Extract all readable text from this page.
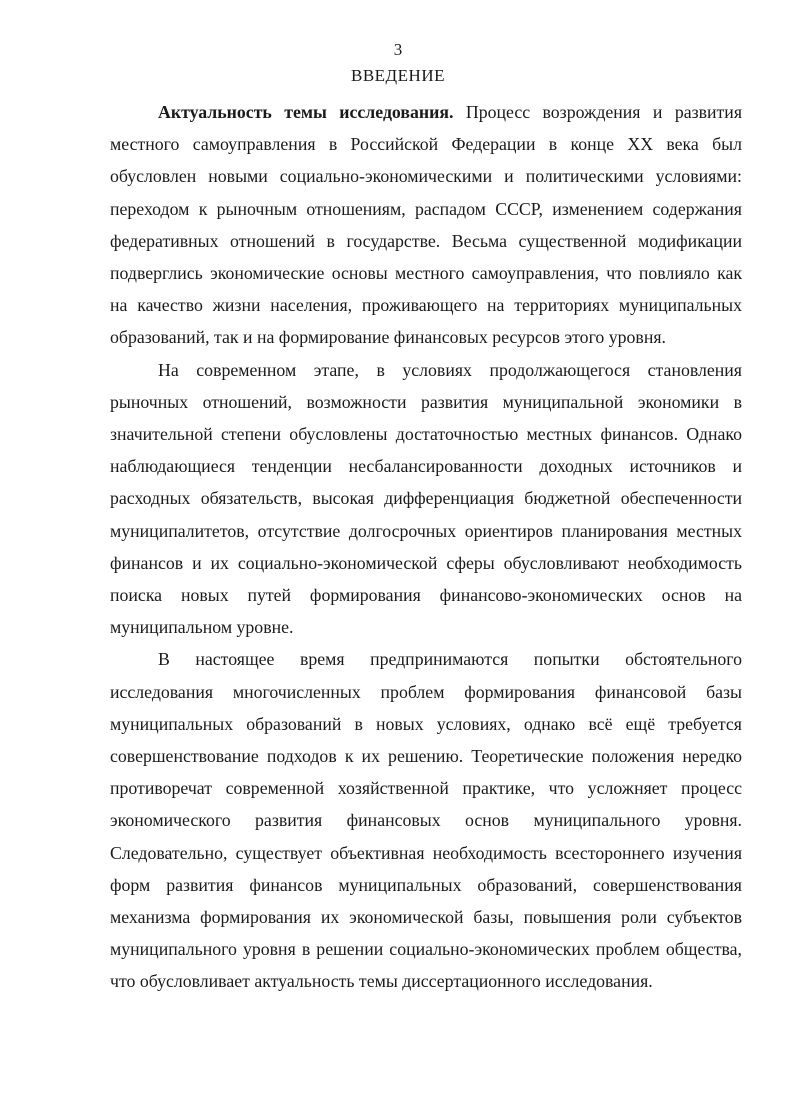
3

ВВЕДЕНИЕ

Актуальность темы исследования. Процесс возрождения и развития местного самоуправления в Российской Федерации в конце XX века был обусловлен новыми социально-экономическими и политическими условиями: переходом к рыночным отношениям, распадом СССР, изменением содержания федеративных отношений в государстве. Весьма существенной модификации подверглись экономические основы местного самоуправления, что повлияло как на качество жизни населения, проживающего на территориях муниципальных образований, так и на формирование финансовых ресурсов этого уровня.

На современном этапе, в условиях продолжающегося становления рыночных отношений, возможности развития муниципальной экономики в значительной степени обусловлены достаточностью местных финансов. Однако наблюдающиеся тенденции несбалансированности доходных источников и расходных обязательств, высокая дифференциация бюджетной обеспеченности муниципалитетов, отсутствие долгосрочных ориентиров планирования местных финансов и их социально-экономической сферы обусловливают необходимость поиска новых путей формирования финансово-экономических основ на муниципальном уровне.

В настоящее время предпринимаются попытки обстоятельного исследования многочисленных проблем формирования финансовой базы муниципальных образований в новых условиях, однако всё ещё требуется совершенствование подходов к их решению. Теоретические положения нередко противоречат современной хозяйственной практике, что усложняет процесс экономического развития финансовых основ муниципального уровня. Следовательно, существует объективная необходимость всестороннего изучения форм развития финансов муниципальных образований, совершенствования механизма формирования их экономической базы, повышения роли субъектов муниципального уровня в решении социально-экономических проблем общества, что обусловливает актуальность темы диссертационного исследования.
